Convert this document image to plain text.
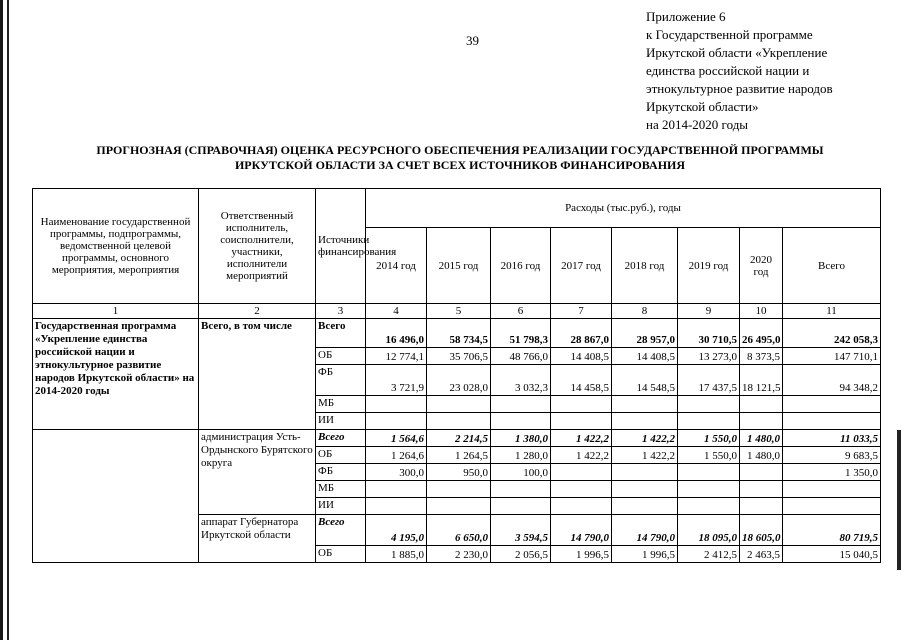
39
Приложение 6
к Государственной программе
Иркутской области «Укрепление
единства российской нации и
этнокультурное развитие народов
Иркутской области»
на 2014-2020 годы
ПРОГНОЗНАЯ (СПРАВОЧНАЯ) ОЦЕНКА РЕСУРСНОГО ОБЕСПЕЧЕНИЯ РЕАЛИЗАЦИИ ГОСУДАРСТВЕННОЙ ПРОГРАММЫ
ИРКУТСКОЙ ОБЛАСТИ ЗА СЧЕТ ВСЕХ ИСТОЧНИКОВ ФИНАНСИРОВАНИЯ
Наименование государственной программы, подпрограммы, ведомственной целевой программы, основного мероприятия, мероприятия	Ответственный исполнитель, соисполнители, участники, исполнители мероприятий	Источники финансирования	Расходы (тыс.руб.), годы							
			2014 год	2015 год	2016 год	2017 год	2018 год	2019 год	2020 год	Всего
1	2	3	4	5	6	7	8	9	10	11
Государственная программа «Укрепление единства российской нации и этнокультурное развитие народов Иркутской области» на 2014-2020 годы	Всего, в том числе	Всего	16 496,0	58 734,5	51 798,3	28 867,0	28 957,0	30 710,5	26 495,0	242 058,3
		ОБ	12 774,1	35 706,5	48 766,0	14 408,5	14 408,5	13 273,0	8 373,5	147 710,1
		ФБ	3 721,9	23 028,0	3 032,3	14 458,5	14 548,5	17 437,5	18 121,5	94 348,2
		МБ								
		ИИ								
	администрация Усть-Ордынского Бурятского округа	Всего	1 564,6	2 214,5	1 380,0	1 422,2	1 422,2	1 550,0	1 480,0	11 033,5
		ОБ	1 264,6	1 264,5	1 280,0	1 422,2	1 422,2	1 550,0	1 480,0	9 683,5
		ФБ	300,0	950,0	100,0					1 350,0
		МБ								
		ИИ								
	аппарат Губернатора Иркутской области	Всего	4 195,0	6 650,0	3 594,5	14 790,0	14 790,0	18 095,0	18 605,0	80 719,5
		ОБ	1 885,0	2 230,0	2 056,5	1 996,5	1 996,5	2 412,5	2 463,5	15 040,5
